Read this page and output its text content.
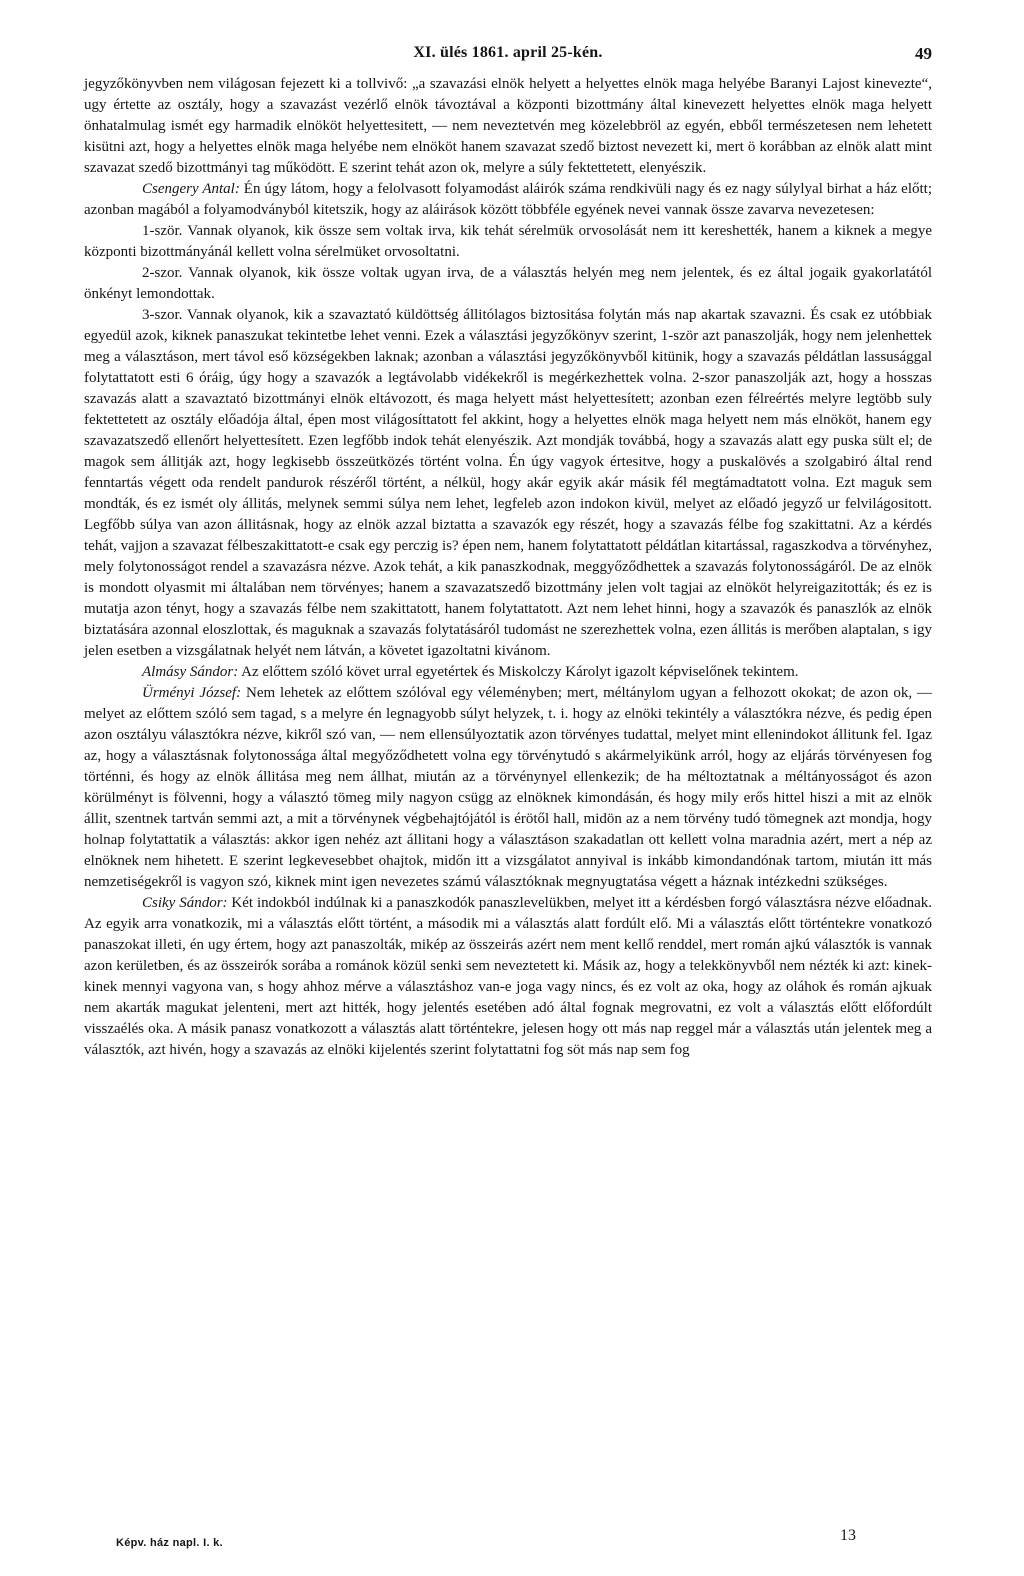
XI. ülés 1861. april 25-kén.	49

jegyzőkönyvben nem világosan fejezett ki a tollvivő: „a szavazási elnök helyett a helyettes elnök maga helyébe Baranyi Lajost kinevezte“, ugy értette az osztály, hogy a szavazást vezérlő elnök távoztával a központi bizottmány által kinevezett helyettes elnök maga helyett önhatalmulag ismét egy harmadik elnököt helyettesitett, — nem neveztetvén meg közelebbröl az egyén, ebből természetesen nem lehetett kisütni azt, hogy a helyettes elnök maga helyébe nem elnököt hanem szavazat szedő biztost nevezett ki, mert ö korábban az elnök alatt mint szavazat szedő bizottmányi tag működött. E szerint tehát azon ok, melyre a súly fektettetett, elenyészik.

Csengery Antal: Én úgy látom, hogy a felolvasott folyamodást aláirók száma rendkivüli nagy és ez nagy súlylyal birhat a ház előtt; azonban magából a folyamodványból kitetszik, hogy az aláirások között többféle egyének nevei vannak össze zavarva nevezetesen:

1-ször. Vannak olyanok, kik össze sem voltak irva, kik tehát sérelmük orvosolását nem itt kereshették, hanem a kiknek a megye központi bizottmányánál kellett volna sérelmüket orvosoltatni.

2-szor. Vannak olyanok, kik össze voltak ugyan irva, de a választás helyén meg nem jelentek, és ez által jogaik gyakorlatától önkényt lemondottak.

3-szor. Vannak olyanok, kik a szavaztató küldöttség állitólagos biztositása folytán más nap akartak szavazni. És csak ez utóbbiak egyedül azok, kiknek panaszukat tekintetbe lehet venni. Ezek a választási jegyzőkönyv szerint, 1-ször azt panaszolják, hogy nem jelenhettek meg a választáson, mert távol eső községekben laknak; azonban a választási jegyzőkönyvből kitünik, hogy a szavazás példátlan lassusággal folytattatott esti 6 óráig, úgy hogy a szavazók a legtávolabb vidékekről is megérkezhettek volna. 2-szor panaszolják azt, hogy a hosszas szavazás alatt a szavaztató bizottmányi elnök eltávozott, és maga helyett mást helyettesített; azonban ezen félreértés melyre legtöbb suly fektettetett az osztály előadója által, épen most világosíttatott fel akkint, hogy a helyettes elnök maga helyett nem más elnököt, hanem egy szavazatszedő ellenőrt helyettesített. Ezen legfőbb indok tehát elenyészik. Azt mondják továbbá, hogy a szavazás alatt egy puska sült el; de magok sem állitják azt, hogy legkisebb összeütközés történt volna. Én úgy vagyok értesitve, hogy a puskalövés a szolgabiró által rend fenntartás végett oda rendelt pandurok részéről történt, a nélkül, hogy akár egyik akár másik fél megtámadtatott volna. Ezt maguk sem mondták, és ez ismét oly állitás, melynek semmi súlya nem lehet, legfeleb azon indokon kivül, melyet az előadó jegyző ur felvilágositott. Legfőbb súlya van azon állitásnak, hogy az elnök azzal biztatta a szavazók egy részét, hogy a szavazás félbe fog szakittatni. Az a kérdés tehát, vajjon a szavazat félbeszakittatott-e csak egy perczig is? épen nem, hanem folytattatott példátlan kitartással, ragaszkodva a törvényhez, mely folytonosságot rendel a szavazásra nézve. Azok tehát, a kik panaszkodnak, meggyőződhettek a szavazás folytonosságáról. De az elnök is mondott olyasmit mi általában nem törvényes; hanem a szavazatszedő bizottmány jelen volt tagjai az elnököt helyreigazitották; és ez is mutatja azon tényt, hogy a szavazás félbe nem szakittatott, hanem folytattatott. Azt nem lehet hinni, hogy a szavazók és panaszlók az elnök biztatására azonnal eloszlottak, és maguknak a szavazás folytatásáról tudomást ne szerezhettek volna, ezen állitás is merőben alaptalan, s igy jelen esetben a vizsgálatnak helyét nem látván, a követet igazoltatni kivánom.

Almásy Sándor: Az előttem szóló követ urral egyetértek és Miskolczy Károlyt igazolt képviselőnek tekintem.

Ürményi József: Nem lehetek az előttem szólóval egy véleményben; mert, méltánylom ugyan a felhozott okokat; de azon ok, — melyet az előttem szóló sem tagad, s a melyre én legnagyobb súlyt helyzek, t. i. hogy az elnöki tekintély a választókra nézve, és pedig épen azon osztályu választókra nézve, kikről szó van, — nem ellensúlyoztatik azon törvényes tudattal, melyet mint ellenindokot állitunk fel. Igaz az, hogy a választásnak folytonossága által megyőződhetett volna egy törvénytudó s akármelyikünk arról, hogy az eljárás törvényesen fog történni, és hogy az elnök állitása meg nem állhat, miután az a törvénynyel ellenkezik; de ha méltoztatnak a méltányosságot és azon körülményt is fölvenni, hogy a választó tömeg mily nagyon csügg az elnöknek kimondásán, és hogy mily erős hittel hiszi a mit az elnök állit, szentnek tartván semmi azt, a mit a törvénynek végbehajtójától is érötől hall, midön az a nem törvény tudó tömegnek azt mondja, hogy holnap folytattatik a választás: akkor igen nehéz azt állitani hogy a választáson szakadatlan ott kellett volna maradnia azért, mert a nép az elnöknek nem hihetett. E szerint legkevesebbet ohajtok, midőn itt a vizsgálatot annyival is inkább kimondandónak tartom, miután itt más nemzetiségekről is vagyon szó, kiknek mint igen nevezetes számú választóknak megnyugtatása végett a háznak intézkedni szükséges.

Csiky Sándor: Két indokból indúlnak ki a panaszkodók panaszlevelükben, melyet itt a kérdésben forgó választásra nézve előadnak. Az egyik arra vonatkozik, mi a választás előtt történt, a második mi a választás alatt fordúlt elő. Mi a választás előtt történtekre vonatkozó panaszokat illeti, én ugy értem, hogy azt panaszolták, mikép az összeirás azért nem ment kellő renddel, mert román ajkú választók is vannak azon kerületben, és az összeirók sorába a románok közül senki sem neveztetett ki. Másik az, hogy a telekkönyvből nem nézték ki azt: kinek-kinek mennyi vagyona van, s hogy ahhoz mérve a választáshoz van-e joga vagy nincs, és ez volt az oka, hogy az oláhok és román ajkuak nem akarták magukat jelenteni, mert azt hitték, hogy jelentés esetében adó által fognak megrovatni, ez volt a választás előtt előfordúlt visszaélés oka. A másik panasz vonatkozott a választás alatt történtekre, jelesen hogy ott más nap reggel már a választás után jelentek meg a választók, azt hivén, hogy a szavazás az elnöki kijelentés szerint folytattatni fog söt más nap sem fog

Képv. ház napl. I. k.	13
